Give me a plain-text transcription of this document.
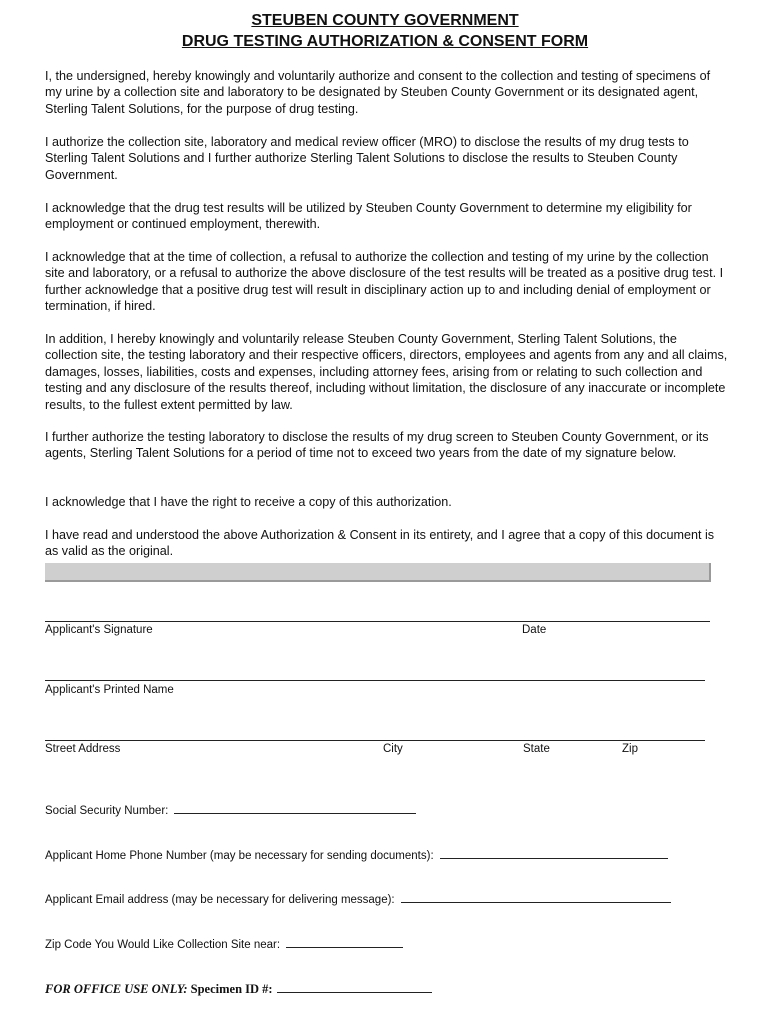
STEUBEN COUNTY GOVERNMENT
DRUG TESTING AUTHORIZATION & CONSENT FORM

I, the undersigned, hereby knowingly and voluntarily authorize and consent to the collection and testing of specimens of my urine by a collection site and laboratory to be designated by Steuben County Government or its designated agent, Sterling Talent Solutions, for the purpose of drug testing.

I authorize the collection site, laboratory and medical review officer (MRO) to disclose the results of my drug tests to Sterling Talent Solutions and I further authorize Sterling Talent Solutions to disclose the results to Steuben County Government.

I acknowledge that the drug test results will be utilized by Steuben County Government to determine my eligibility for employment or continued employment, therewith.

I acknowledge that at the time of collection, a refusal to authorize the collection and testing of my urine by the collection site and laboratory, or a refusal to authorize the above disclosure of the test results will be treated as a positive drug test. I further acknowledge that a positive drug test will result in disciplinary action up to and including denial of employment or termination, if hired.

In addition, I hereby knowingly and voluntarily release Steuben County Government, Sterling Talent Solutions, the collection site, the testing laboratory and their respective officers, directors, employees and agents from any and all claims, damages, losses, liabilities, costs and expenses, including attorney fees, arising from or relating to such collection and testing and any disclosure of the results thereof, including without limitation, the disclosure of any inaccurate or incomplete results, to the fullest extent permitted by law.

I further authorize the testing laboratory to disclose the results of my drug screen to Steuben County Government, or its agents, Sterling Talent Solutions for a period of time not to exceed two years from the date of my signature below.

I acknowledge that I have the right to receive a copy of this authorization.

I have read and understood the above Authorization & Consent in its entirety, and I agree that a copy of this document is as valid as the original.

Applicant's Signature	Date
Applicant's Printed Name
Street Address	City	State	Zip
Social Security Number:
Applicant Home Phone Number (may be necessary for sending documents):
Applicant Email address (may be necessary for delivering message):
Zip Code You Would Like Collection Site near:
FOR OFFICE USE ONLY: Specimen ID #:
